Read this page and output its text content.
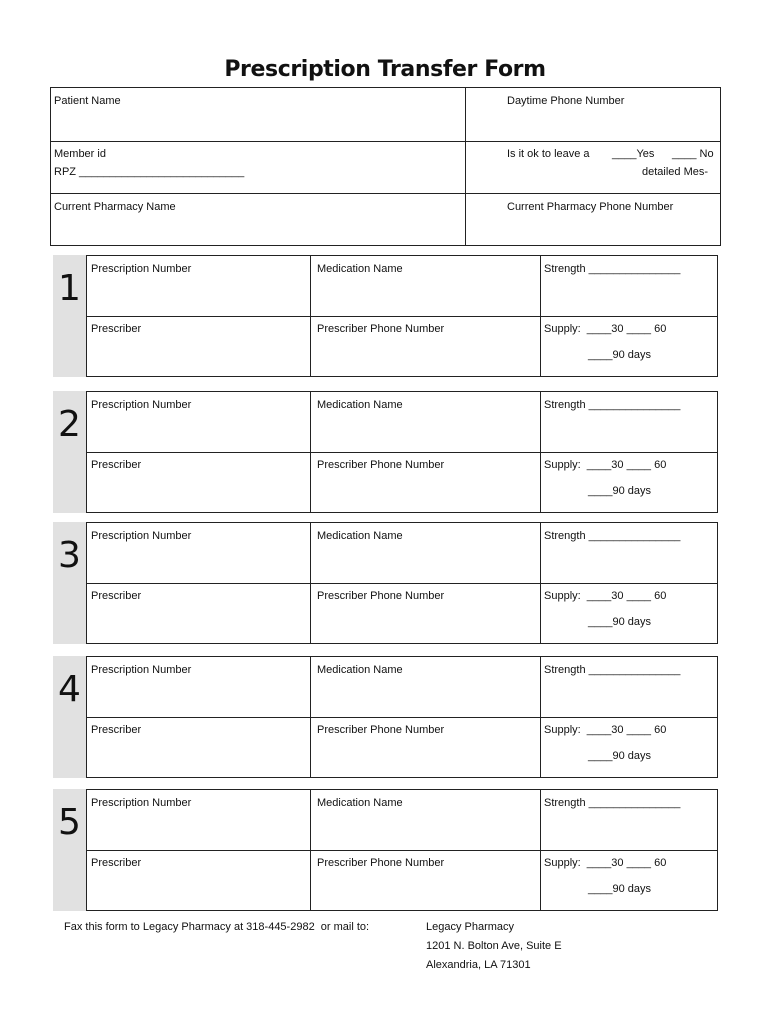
Prescription Transfer Form
Patient Name	Daytime Phone Number
Member id
RPZ ___________________________
Is it ok to leave a ____Yes ____ No
detailed Mes-
Current Pharmacy Name	Current Pharmacy Phone Number
1 Prescription Number	Medication Name	Strength _______________
Prescriber	Prescriber Phone Number	Supply:  ____30 ____ 60
____90 days
2 Prescription Number	Medication Name	Strength _______________
Prescriber	Prescriber Phone Number	Supply:  ____30 ____ 60
____90 days
3 Prescription Number	Medication Name	Strength _______________
Prescriber	Prescriber Phone Number	Supply:  ____30 ____ 60
____90 days
4 Prescription Number	Medication Name	Strength _______________
Prescriber	Prescriber Phone Number	Supply:  ____30 ____ 60
____90 days
5 Prescription Number	Medication Name	Strength _______________
Prescriber	Prescriber Phone Number	Supply:  ____30 ____ 60
____90 days
Fax this form to Legacy Pharmacy at 318-445-2982  or mail to:	Legacy Pharmacy
1201 N. Bolton Ave, Suite E
Alexandria, LA 71301
